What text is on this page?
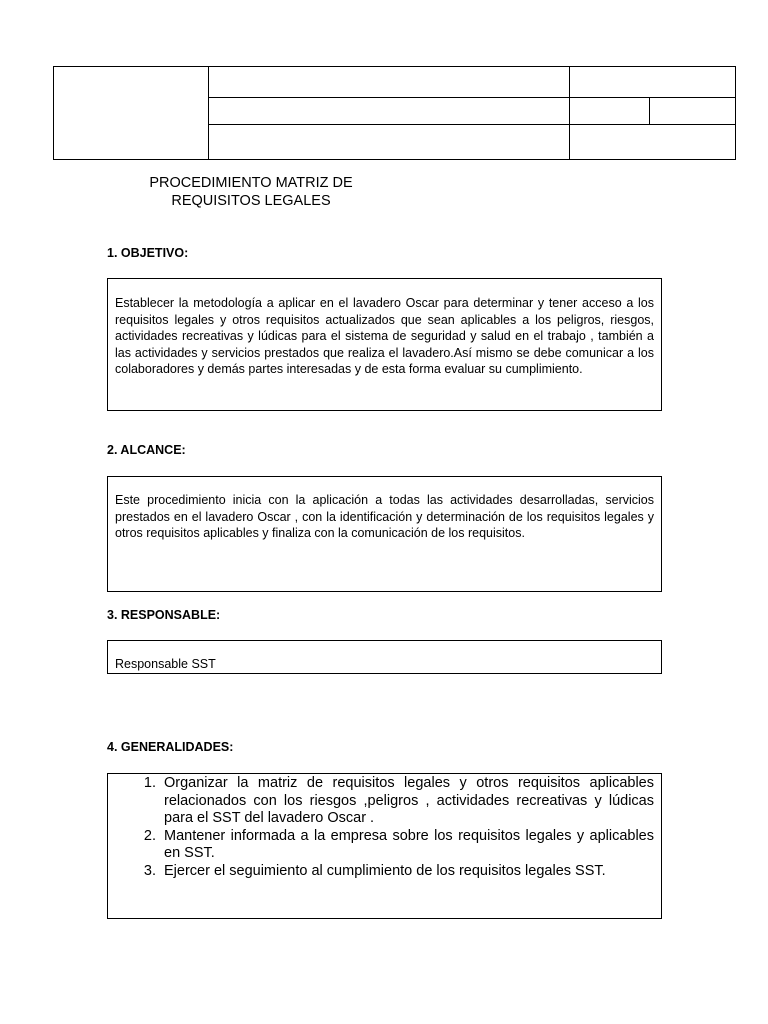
PROCEDIMIENTO MATRIZ DE
REQUISITOS LEGALES
1. OBJETIVO:
Establecer la metodología a aplicar en el lavadero Oscar para determinar y tener acceso a los requisitos legales y otros requisitos actualizados que sean aplicables a los peligros, riesgos, actividades recreativas y lúdicas para el sistema de seguridad y salud en el trabajo , también a las actividades y servicios prestados que realiza el lavadero.Así mismo se debe comunicar a los colaboradores y demás partes interesadas y de esta forma evaluar su cumplimiento.
2. ALCANCE:
Este procedimiento inicia con la aplicación a todas las actividades desarrolladas, servicios prestados en el lavadero Oscar , con la identificación y determinación de los requisitos legales y otros requisitos aplicables y finaliza con la comunicación de los requisitos.
3. RESPONSABLE:
Responsable SST
4. GENERALIDADES:
1. Organizar la matriz de requisitos legales y otros requisitos aplicables relacionados con los riesgos ,peligros , actividades recreativas y lúdicas para el SST del lavadero Oscar .
2. Mantener informada a la empresa sobre los requisitos legales y aplicables en SST.
3. Ejercer el seguimiento al cumplimiento de los requisitos legales SST.
